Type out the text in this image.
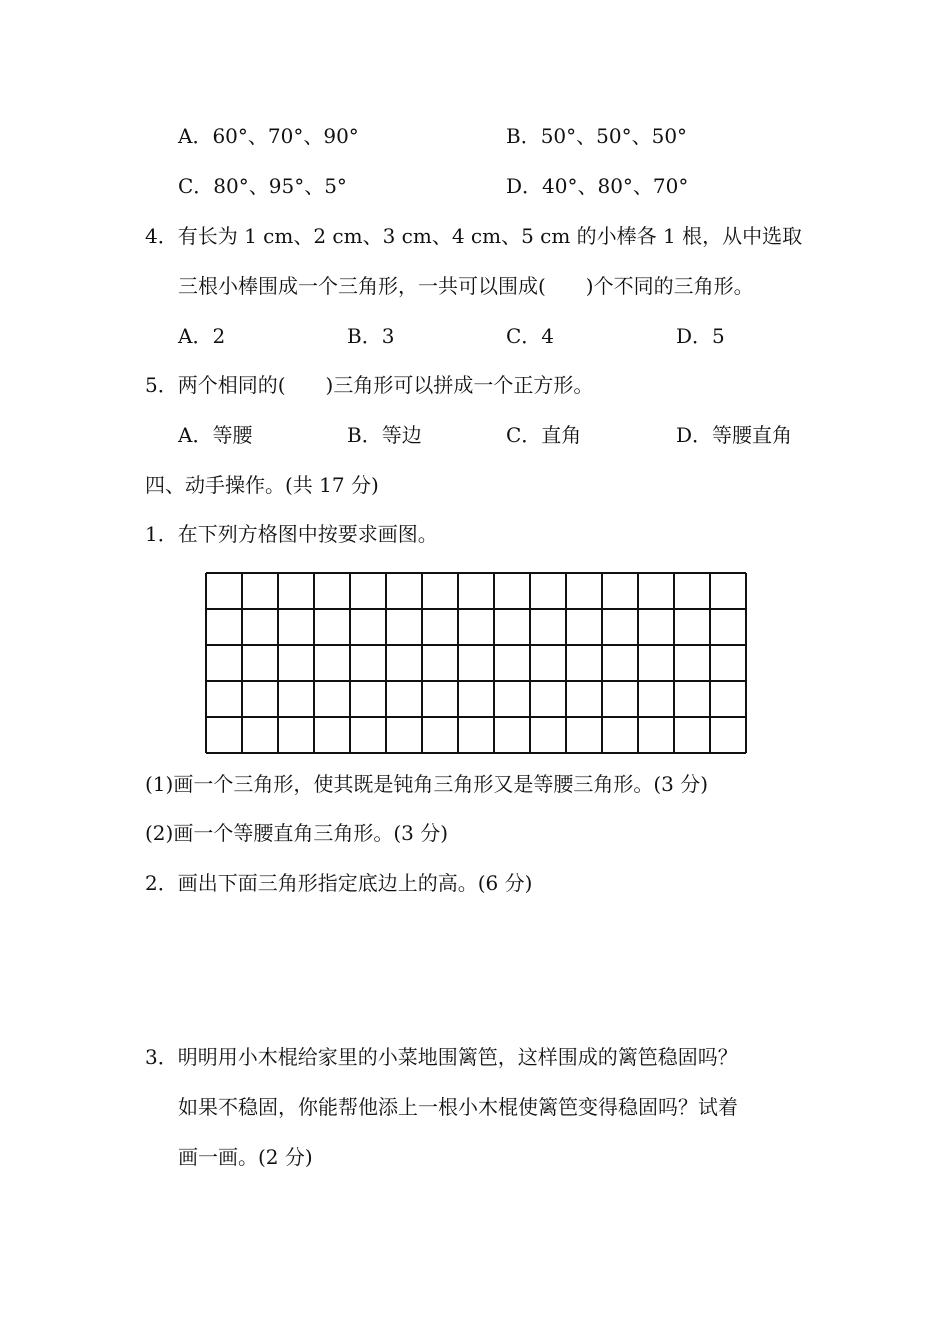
A．60°、70°、90°	B．50°、50°、50°
C．80°、95°、5°	D．40°、80°、70°
4．有长为 1 cm、2 cm、3 cm、4 cm、5 cm 的小棒各 1 根，从中选取
三根小棒围成一个三角形，一共可以围成(　　)个不同的三角形。
A．2	B．3	C．4	D．5
5．两个相同的(　　)三角形可以拼成一个正方形。
A．等腰	B．等边	C．直角	D．等腰直角
四、动手操作。(共 17 分)
1．在下列方格图中按要求画图。
(1)画一个三角形，使其既是钝角三角形又是等腰三角形。(3 分)
(2)画一个等腰直角三角形。(3 分)
2．画出下面三角形指定底边上的高。(6 分)
3．明明用小木棍给家里的小菜地围篱笆，这样围成的篱笆稳固吗？
如果不稳固，你能帮他添上一根小木棍使篱笆变得稳固吗？试着
画一画。(2 分)
